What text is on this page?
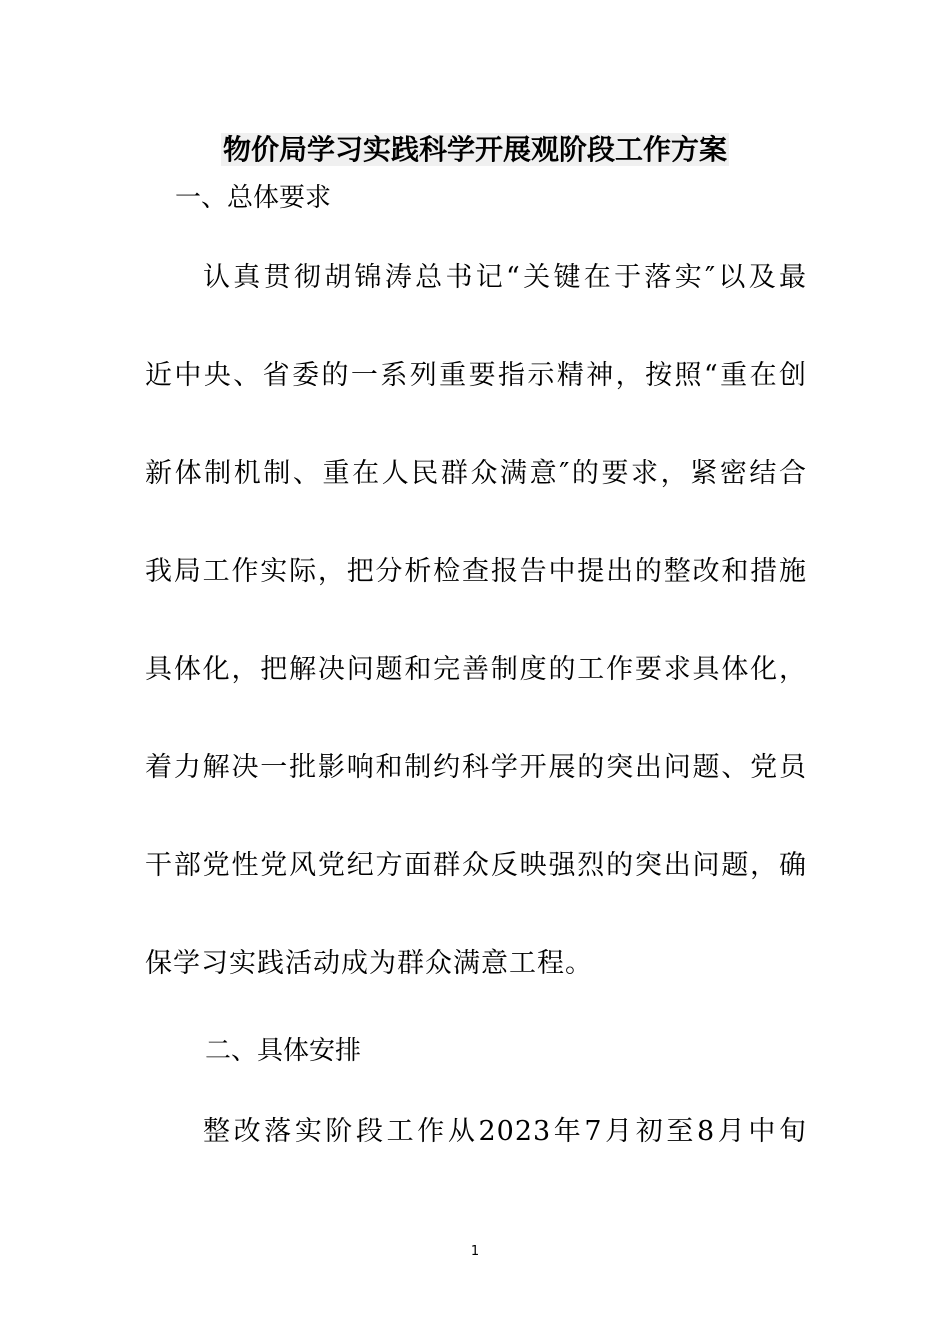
物价局学习实践科学开展观阶段工作方案
一、总体要求
认真贯彻胡锦涛总书记“关键在于落实″以及最
近中央、省委的一系列重要指示精神，按照“重在创
新体制机制、重在人民群众满意″的要求，紧密结合
我局工作实际，把分析检查报告中提出的整改和措施
具体化，把解决问题和完善制度的工作要求具体化，
着力解决一批影响和制约科学开展的突出问题、党员
干部党性党风党纪方面群众反映强烈的突出问题，确
保学习实践活动成为群众满意工程。
二、具体安排
整改落实阶段工作从2023年7月初至8月中旬
1
